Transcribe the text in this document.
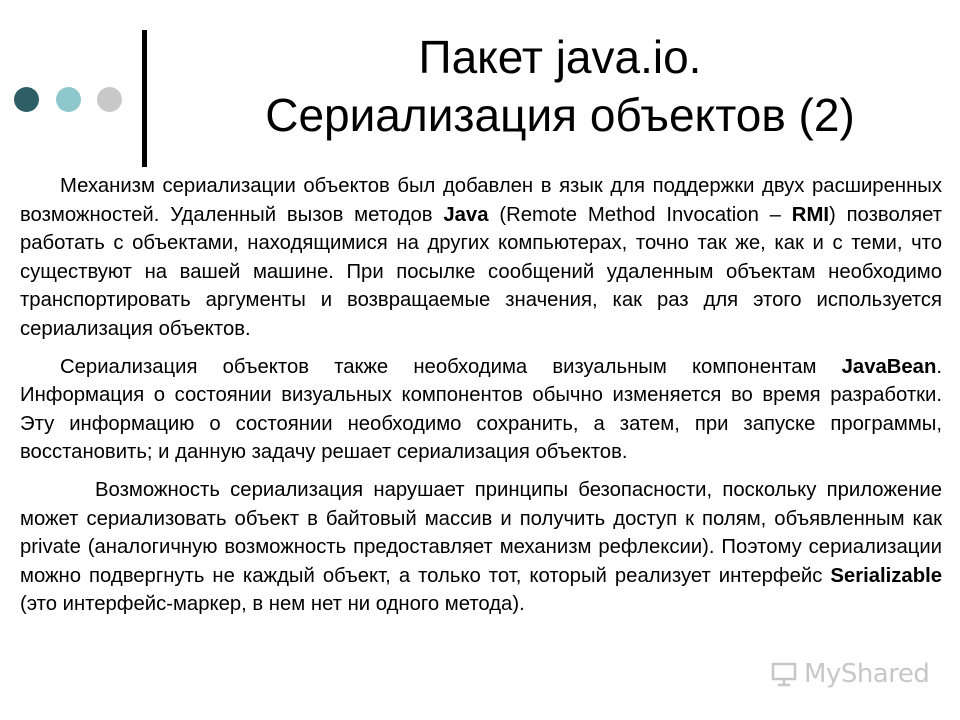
Пакет java.io.
Сериализация объектов (2)

Механизм сериализации объектов был добавлен в язык для поддержки двух расширенных возможностей. Удаленный вызов методов Java (Remote Method Invocation – RMI) позволяет работать с объектами, находящимися на других компьютерах, точно так же, как и с теми, что существуют на вашей машине. При посылке сообщений удаленным объектам необходимо транспортировать аргументы и возвращаемые значения, как раз для этого используется сериализация объектов.

Сериализация объектов также необходима визуальным компонентам JavaBean. Информация о состоянии визуальных компонентов обычно изменяется во время разработки. Эту информацию о состоянии необходимо сохранить, а затем, при запуске программы, восстановить; и данную задачу решает сериализация объектов.

Возможность сериализация нарушает принципы безопасности, поскольку приложение может сериализовать объект в байтовый массив и получить доступ к полям, объявленным как private (аналогичную возможность предоставляет механизм рефлексии). Поэтому сериализации можно подвергнуть не каждый объект, а только тот, который реализует интерфейс Serializable (это интерфейс-маркер, в нем нет ни одного метода).

MyShared
